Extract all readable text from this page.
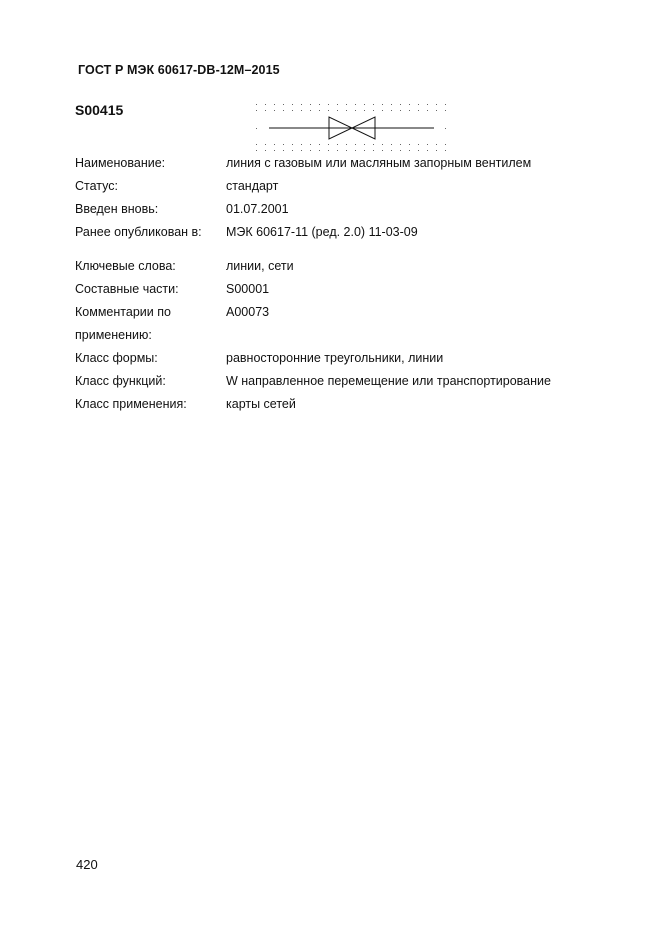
ГОСТ Р МЭК 60617-DB-12M–2015
S00415
Наименование:	линия с газовым или масляным запорным вентилем
Статус:	стандарт
Введен вновь:	01.07.2001
Ранее опубликован в:	МЭК 60617-11 (ред. 2.0) 11-03-09
Ключевые слова:	линии, сети
Составные части:	S00001
Комментарии по	A00073
применению:
Класс формы:	равносторонние треугольники, линии
Класс функций:	W направленное перемещение или транспортирование
Класс применения:	карты сетей
420
